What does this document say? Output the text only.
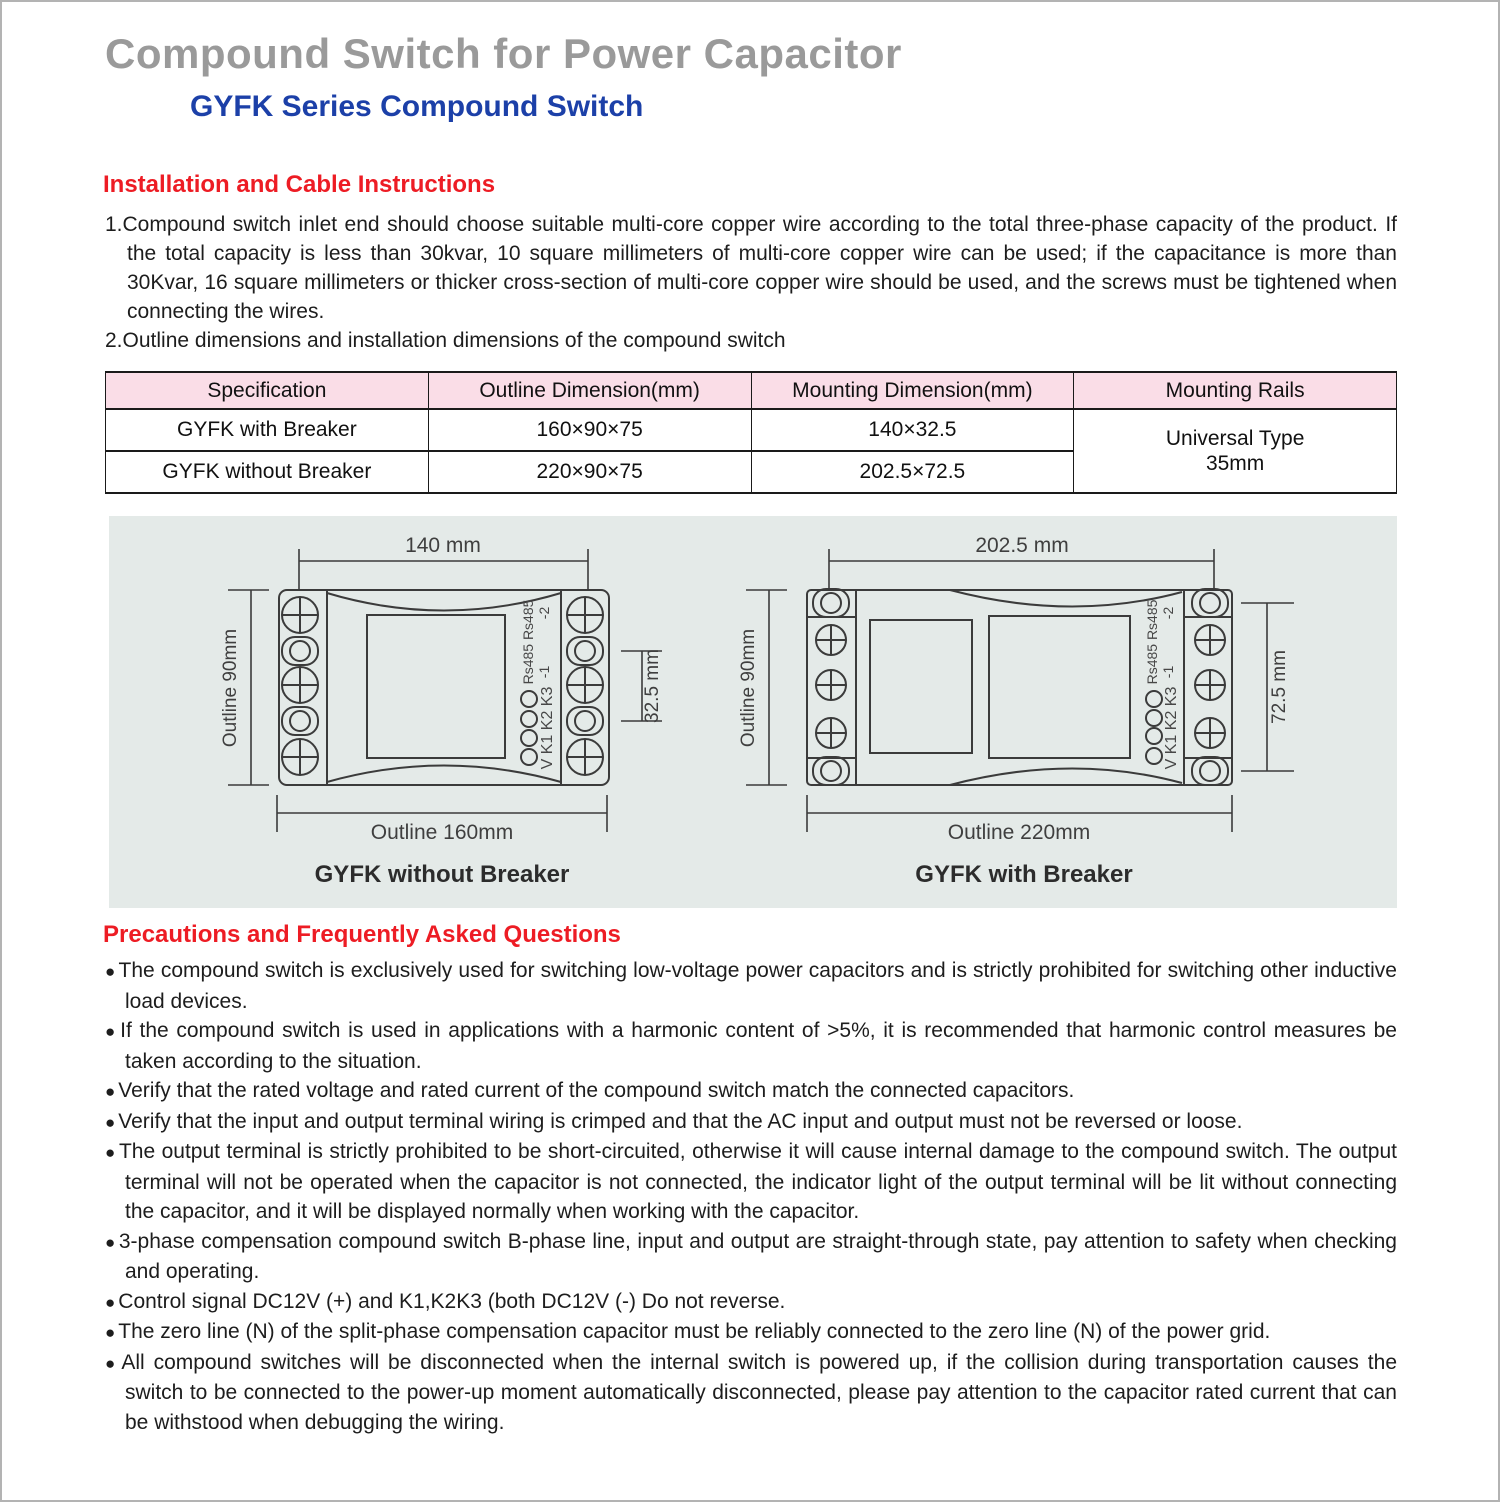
Compound Switch for Power Capacitor
GYFK Series Compound Switch
Installation and Cable Instructions
1.Compound switch inlet end should choose suitable multi-core copper wire according to the total three-phase capacity of the product. If the total capacity is less than 30kvar, 10 square millimeters of multi-core copper wire can be used; if the capacitance is more than 30Kvar, 16 square millimeters or thicker cross-section of multi-core copper wire should be used, and the screws must be tightened when connecting the wires.
2.Outline dimensions and installation dimensions of the compound switch
Specification	Outline Dimension(mm)	Mounting Dimension(mm)	Mounting Rails
GYFK with Breaker	160×90×75	140×32.5	Universal Type
35mm

GYFK without Breaker	220×90×75	202.5×72.5	
Rs485 Rs485 -1
-2
V K1 K2 K3
140 mm
Outline 90mm	32.5 mm
Outline 160mm
GYFK without Breaker
Rs485 Rs485 -1
-2
V K1 K2 K3
202.5 mm
Outline 90mm	72.5 mm
Outline 220mm
GYFK with Breaker
Precautions and Frequently Asked Questions
● The compound switch is exclusively used for switching low-voltage power capacitors and is strictly prohibited for switching other inductive load devices.
● If the compound switch is used in applications with a harmonic content of >5%, it is recommended that harmonic control measures be taken according to the situation.
● Verify that the rated voltage and rated current of the compound switch match the connected capacitors.
● Verify that the input and output terminal wiring is crimped and that the AC input and output must not be reversed or loose.
● The output terminal is strictly prohibited to be short-circuited, otherwise it will cause internal damage to the compound switch. The output terminal will not be operated when the capacitor is not connected, the indicator light of the output terminal will be lit without connecting the capacitor, and it will be displayed normally when working with the capacitor.
● 3-phase compensation compound switch B-phase line, input and output are straight-through state, pay attention to safety when checking and operating.
● Control signal DC12V (+) and K1,K2K3 (both DC12V (-) Do not reverse.
● The zero line (N) of the split-phase compensation capacitor must be reliably connected to the zero line (N) of the power grid.
● All compound switches will be disconnected when the internal switch is powered up, if the collision during transportation causes the switch to be connected to the power-up moment automatically disconnected, please pay attention to the capacitor rated current that can be withstood when debugging the wiring.
